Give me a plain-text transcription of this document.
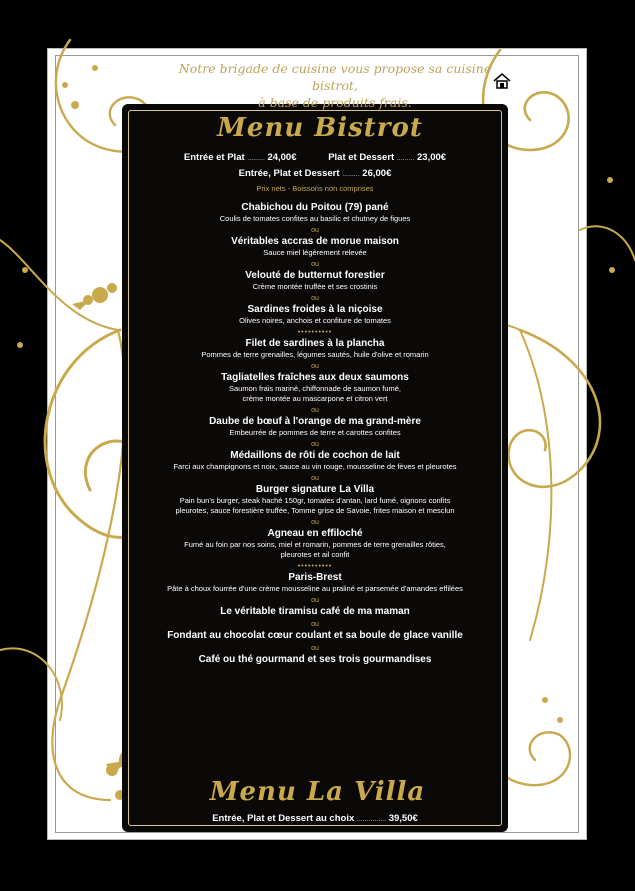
Notre brigade de cuisine vous propose sa cuisine bistrot,
à base de produits frais.
Menu Bistrot
Entrée et Plat ......... 24,00€	Plat et Dessert ......... 23,00€
Entrée, Plat et Dessert ......... 26,00€
Prix nets - Boissons non comprises
Chabichou du Poitou (79) pané
Coulis de tomates confites au basilic et chutney de figues
ou
Véritables accras de morue maison
Sauce miel légèrement relevée
ou
Velouté de butternut forestier
Crème montée truffée et ses crostinis
ou
Sardines froides à la niçoise
Olives noires, anchois et confiture de tomates
••••••••••
Filet de sardines à la plancha
Pommes de terre grenailles, légumes sautés, huile d'olive et romarin
ou
Tagliatelles fraîches aux deux saumons
Saumon frais mariné, chiffonnade de saumon fumé,
crème montée au mascarpone et citron vert
ou
Daube de bœuf à l'orange de ma grand-mère
Embeurrée de pommes de terre et carottes confites
ou
Médaillons de rôti de cochon de lait
Farci aux champignons et noix, sauce au vin rouge, mousseline de fèves et pleurotes
ou
Burger signature La Villa
Pain bun's burger, steak haché 150gr, tomates d'antan, lard fumé, oignons confits
pleurotes, sauce forestière truffée, Tomme grise de Savoie, frites maison et mesclun
ou
Agneau en effiloché
Fumé au foin par nos soins, miel et romarin, pommes de terre grenailles rôties,
pleurotes et ail confit
••••••••••
Paris-Brest
Pâte à choux fourrée d'une crème mousseline au praliné et parsemée d'amandes effilées
ou
Le véritable tiramisu café de ma maman
ou
Fondant au chocolat cœur coulant et sa boule de glace vanille
ou
Café ou thé gourmand et ses trois gourmandises
Menu La Villa
Entrée, Plat et Dessert au choix ............... 39,50€
